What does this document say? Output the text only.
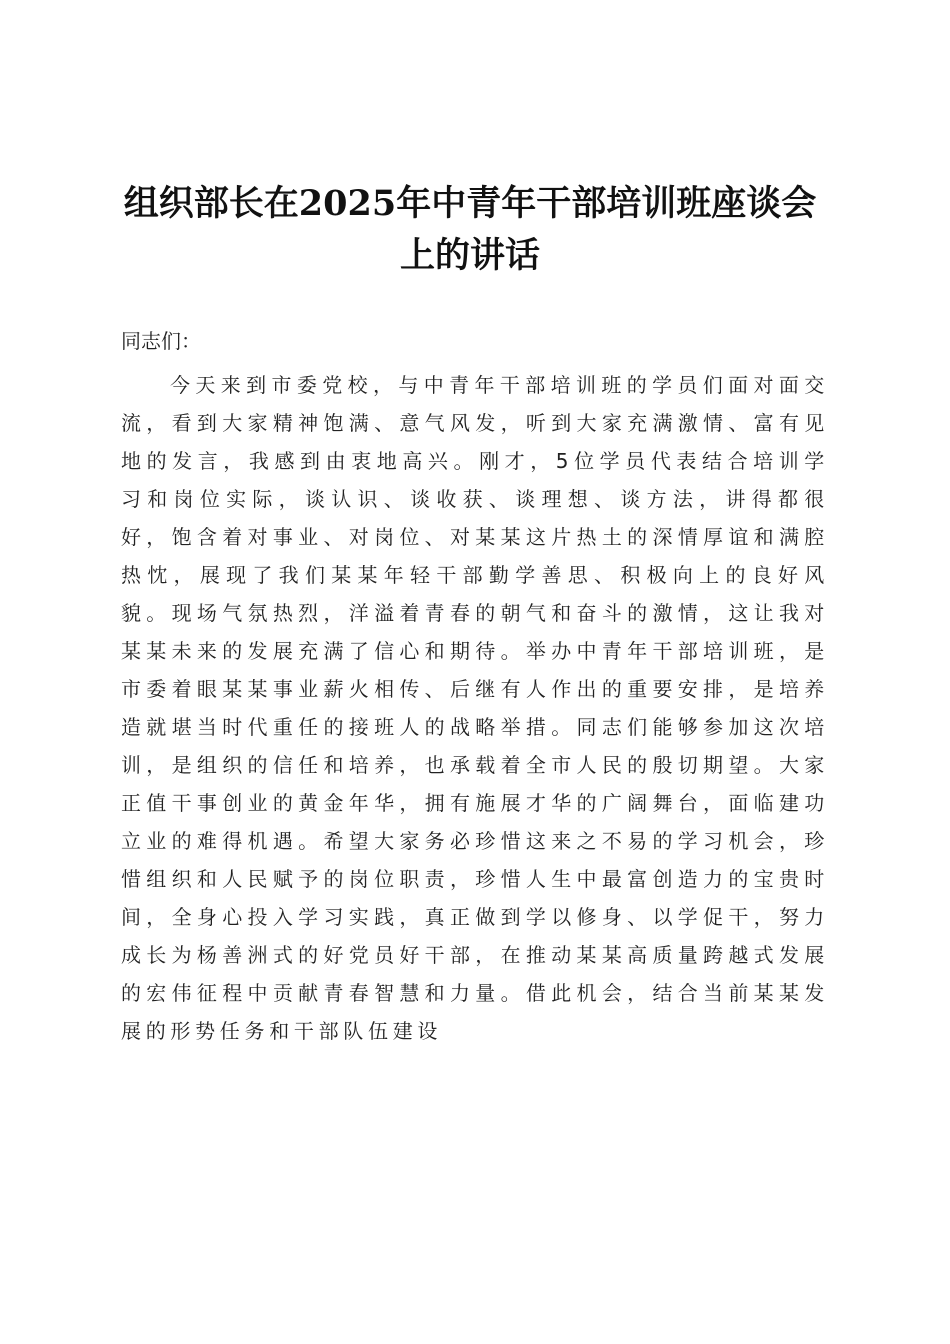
组织部长在2025年中青年干部培训班座谈会上的讲话

同志们：

今天来到市委党校，与中青年干部培训班的学员们面对面交流，看到大家精神饱满、意气风发，听到大家充满激情、富有见地的发言，我感到由衷地高兴。刚才，5位学员代表结合培训学习和岗位实际，谈认识、谈收获、谈理想、谈方法，讲得都很好，饱含着对事业、对岗位、对某某这片热土的深情厚谊和满腔热忱，展现了我们某某年轻干部勤学善思、积极向上的良好风貌。现场气氛热烈，洋溢着青春的朝气和奋斗的激情，这让我对某某未来的发展充满了信心和期待。举办中青年干部培训班，是市委着眼某某事业薪火相传、后继有人作出的重要安排，是培养造就堪当时代重任的接班人的战略举措。同志们能够参加这次培训，是组织的信任和培养，也承载着全市人民的殷切期望。大家正值干事创业的黄金年华，拥有施展才华的广阔舞台，面临建功立业的难得机遇。希望大家务必珍惜这来之不易的学习机会，珍惜组织和人民赋予的岗位职责，珍惜人生中最富创造力的宝贵时间，全身心投入学习实践，真正做到学以修身、以学促干，努力成长为杨善洲式的好党员好干部，在推动某某高质量跨越式发展的宏伟征程中贡献青春智慧和力量。借此机会，结合当前某某发展的形势任务和干部队伍建设
